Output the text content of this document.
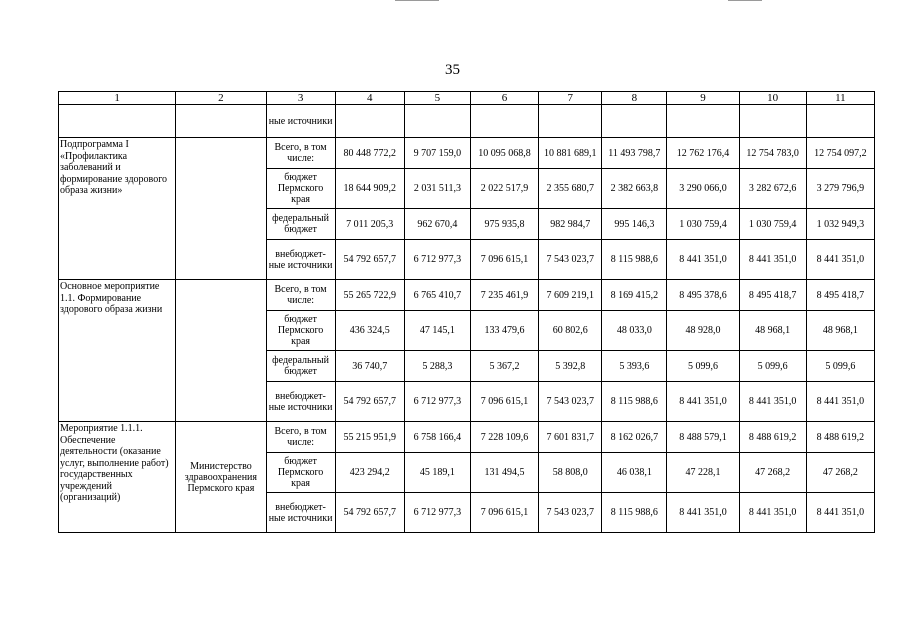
35
1	2	3	4	5	6	7	8	9	10	11
		ные источники								
Подпрограмма I «Профилактика заболеваний и формирование здорового образа жизни»		Всего, в том числе:	80 448 772,2	9 707 159,0	10 095 068,8	10 881 689,1	11 493 798,7	12 762 176,4	12 754 783,0	12 754 097,2
		бюджет Пермского края	18 644 909,2	2 031 511,3	2 022 517,9	2 355 680,7	2 382 663,8	3 290 066,0	3 282 672,6	3 279 796,9
		федеральный бюджет	7 011 205,3	962 670,4	975 935,8	982 984,7	995 146,3	1 030 759,4	1 030 759,4	1 032 949,3
		внебюджет-ные источники	54 792 657,7	6 712 977,3	7 096 615,1	7 543 023,7	8 115 988,6	8 441 351,0	8 441 351,0	8 441 351,0
Основное мероприятие 1.1. Формирование здорового образа жизни		Всего, в том числе:	55 265 722,9	6 765 410,7	7 235 461,9	7 609 219,1	8 169 415,2	8 495 378,6	8 495 418,7	8 495 418,7
		бюджет Пермского края	436 324,5	47 145,1	133 479,6	60 802,6	48 033,0	48 928,0	48 968,1	48 968,1
		федеральный бюджет	36 740,7	5 288,3	5 367,2	5 392,8	5 393,6	5 099,6	5 099,6	5 099,6
		внебюджет-ные источники	54 792 657,7	6 712 977,3	7 096 615,1	7 543 023,7	8 115 988,6	8 441 351,0	8 441 351,0	8 441 351,0
Мероприятие 1.1.1. Обеспечение деятельности (оказание услуг, выполнение работ) государственных учреждений (организаций)	Министерство здравоохранения Пермского края	Всего, в том числе:	55 215 951,9	6 758 166,4	7 228 109,6	7 601 831,7	8 162 026,7	8 488 579,1	8 488 619,2	8 488 619,2
		бюджет Пермского края	423 294,2	45 189,1	131 494,5	58 808,0	46 038,1	47 228,1	47 268,2	47 268,2
		внебюджет-ные источники	54 792 657,7	6 712 977,3	7 096 615,1	7 543 023,7	8 115 988,6	8 441 351,0	8 441 351,0	8 441 351,0
